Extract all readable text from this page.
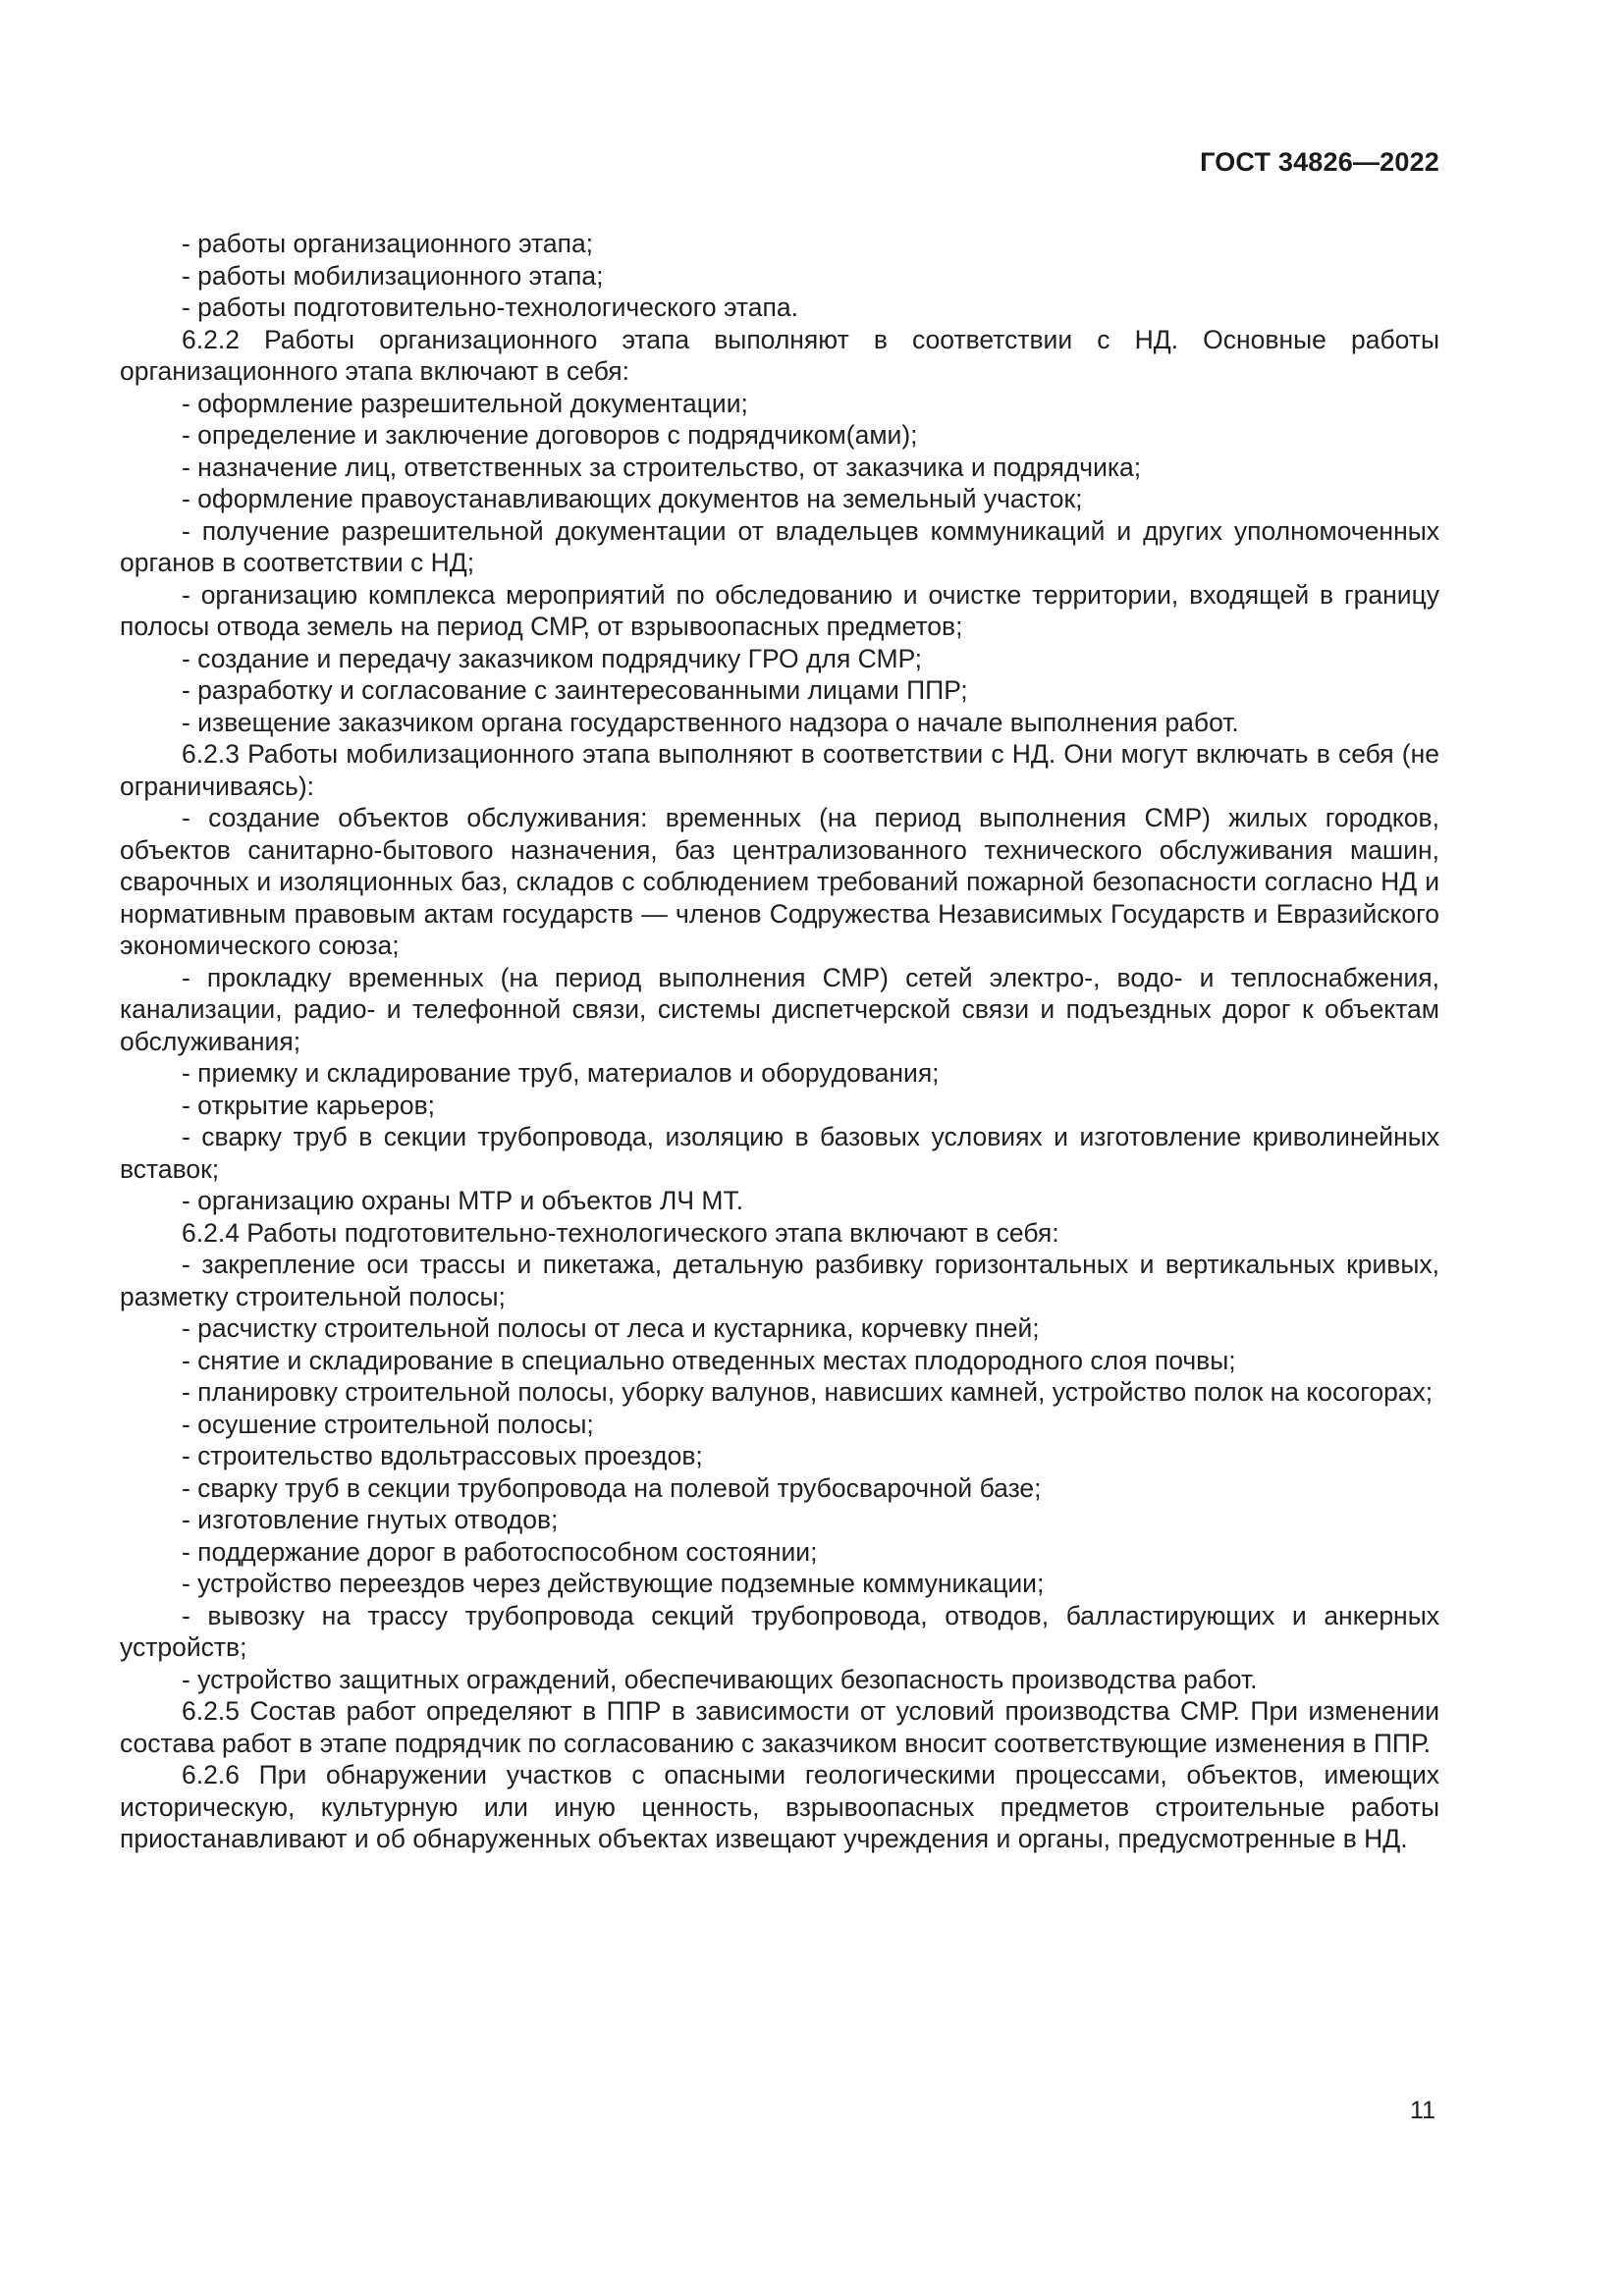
ГОСТ 34826—2022

- работы организационного этапа;

- работы мобилизационного этапа;

- работы подготовительно-технологического этапа.

6.2.2 Работы организационного этапа выполняют в соответствии с НД. Основные работы организационного этапа включают в себя:

- оформление разрешительной документации;

- определение и заключение договоров с подрядчиком(ами);

- назначение лиц, ответственных за строительство, от заказчика и подрядчика;

- оформление правоустанавливающих документов на земельный участок;

- получение разрешительной документации от владельцев коммуникаций и других уполномоченных органов в соответствии с НД;

- организацию комплекса мероприятий по обследованию и очистке территории, входящей в границу полосы отвода земель на период СМР, от взрывоопасных предметов;

- создание и передачу заказчиком подрядчику ГРО для СМР;

- разработку и согласование с заинтересованными лицами ППР;

- извещение заказчиком органа государственного надзора о начале выполнения работ.

6.2.3 Работы мобилизационного этапа выполняют в соответствии с НД. Они могут включать в себя (не ограничиваясь):

- создание объектов обслуживания: временных (на период выполнения СМР) жилых городков, объектов санитарно-бытового назначения, баз централизованного технического обслуживания машин, сварочных и изоляционных баз, складов с соблюдением требований пожарной безопасности согласно НД и нормативным правовым актам государств — членов Содружества Независимых Государств и Евразийского экономического союза;

- прокладку временных (на период выполнения СМР) сетей электро-, водо- и теплоснабжения, канализации, радио- и телефонной связи, системы диспетчерской связи и подъездных дорог к объектам обслуживания;

- приемку и складирование труб, материалов и оборудования;

- открытие карьеров;

- сварку труб в секции трубопровода, изоляцию в базовых условиях и изготовление криволинейных вставок;

- организацию охраны МТР и объектов ЛЧ МТ.

6.2.4 Работы подготовительно-технологического этапа включают в себя:

- закрепление оси трассы и пикетажа, детальную разбивку горизонтальных и вертикальных кривых, разметку строительной полосы;

- расчистку строительной полосы от леса и кустарника, корчевку пней;

- снятие и складирование в специально отведенных местах плодородного слоя почвы;

- планировку строительной полосы, уборку валунов, нависших камней, устройство полок на косогорах;

- осушение строительной полосы;

- строительство вдольтрассовых проездов;

- сварку труб в секции трубопровода на полевой трубосварочной базе;

- изготовление гнутых отводов;

- поддержание дорог в работоспособном состоянии;

- устройство переездов через действующие подземные коммуникации;

- вывозку на трассу трубопровода секций трубопровода, отводов, балластирующих и анкерных устройств;

- устройство защитных ограждений, обеспечивающих безопасность производства работ.

6.2.5 Состав работ определяют в ППР в зависимости от условий производства СМР. При изменении состава работ в этапе подрядчик по согласованию с заказчиком вносит соответствующие изменения в ППР.

6.2.6 При обнаружении участков с опасными геологическими процессами, объектов, имеющих историческую, культурную или иную ценность, взрывоопасных предметов строительные работы приостанавливают и об обнаруженных объектах извещают учреждения и органы, предусмотренные в НД.

11
